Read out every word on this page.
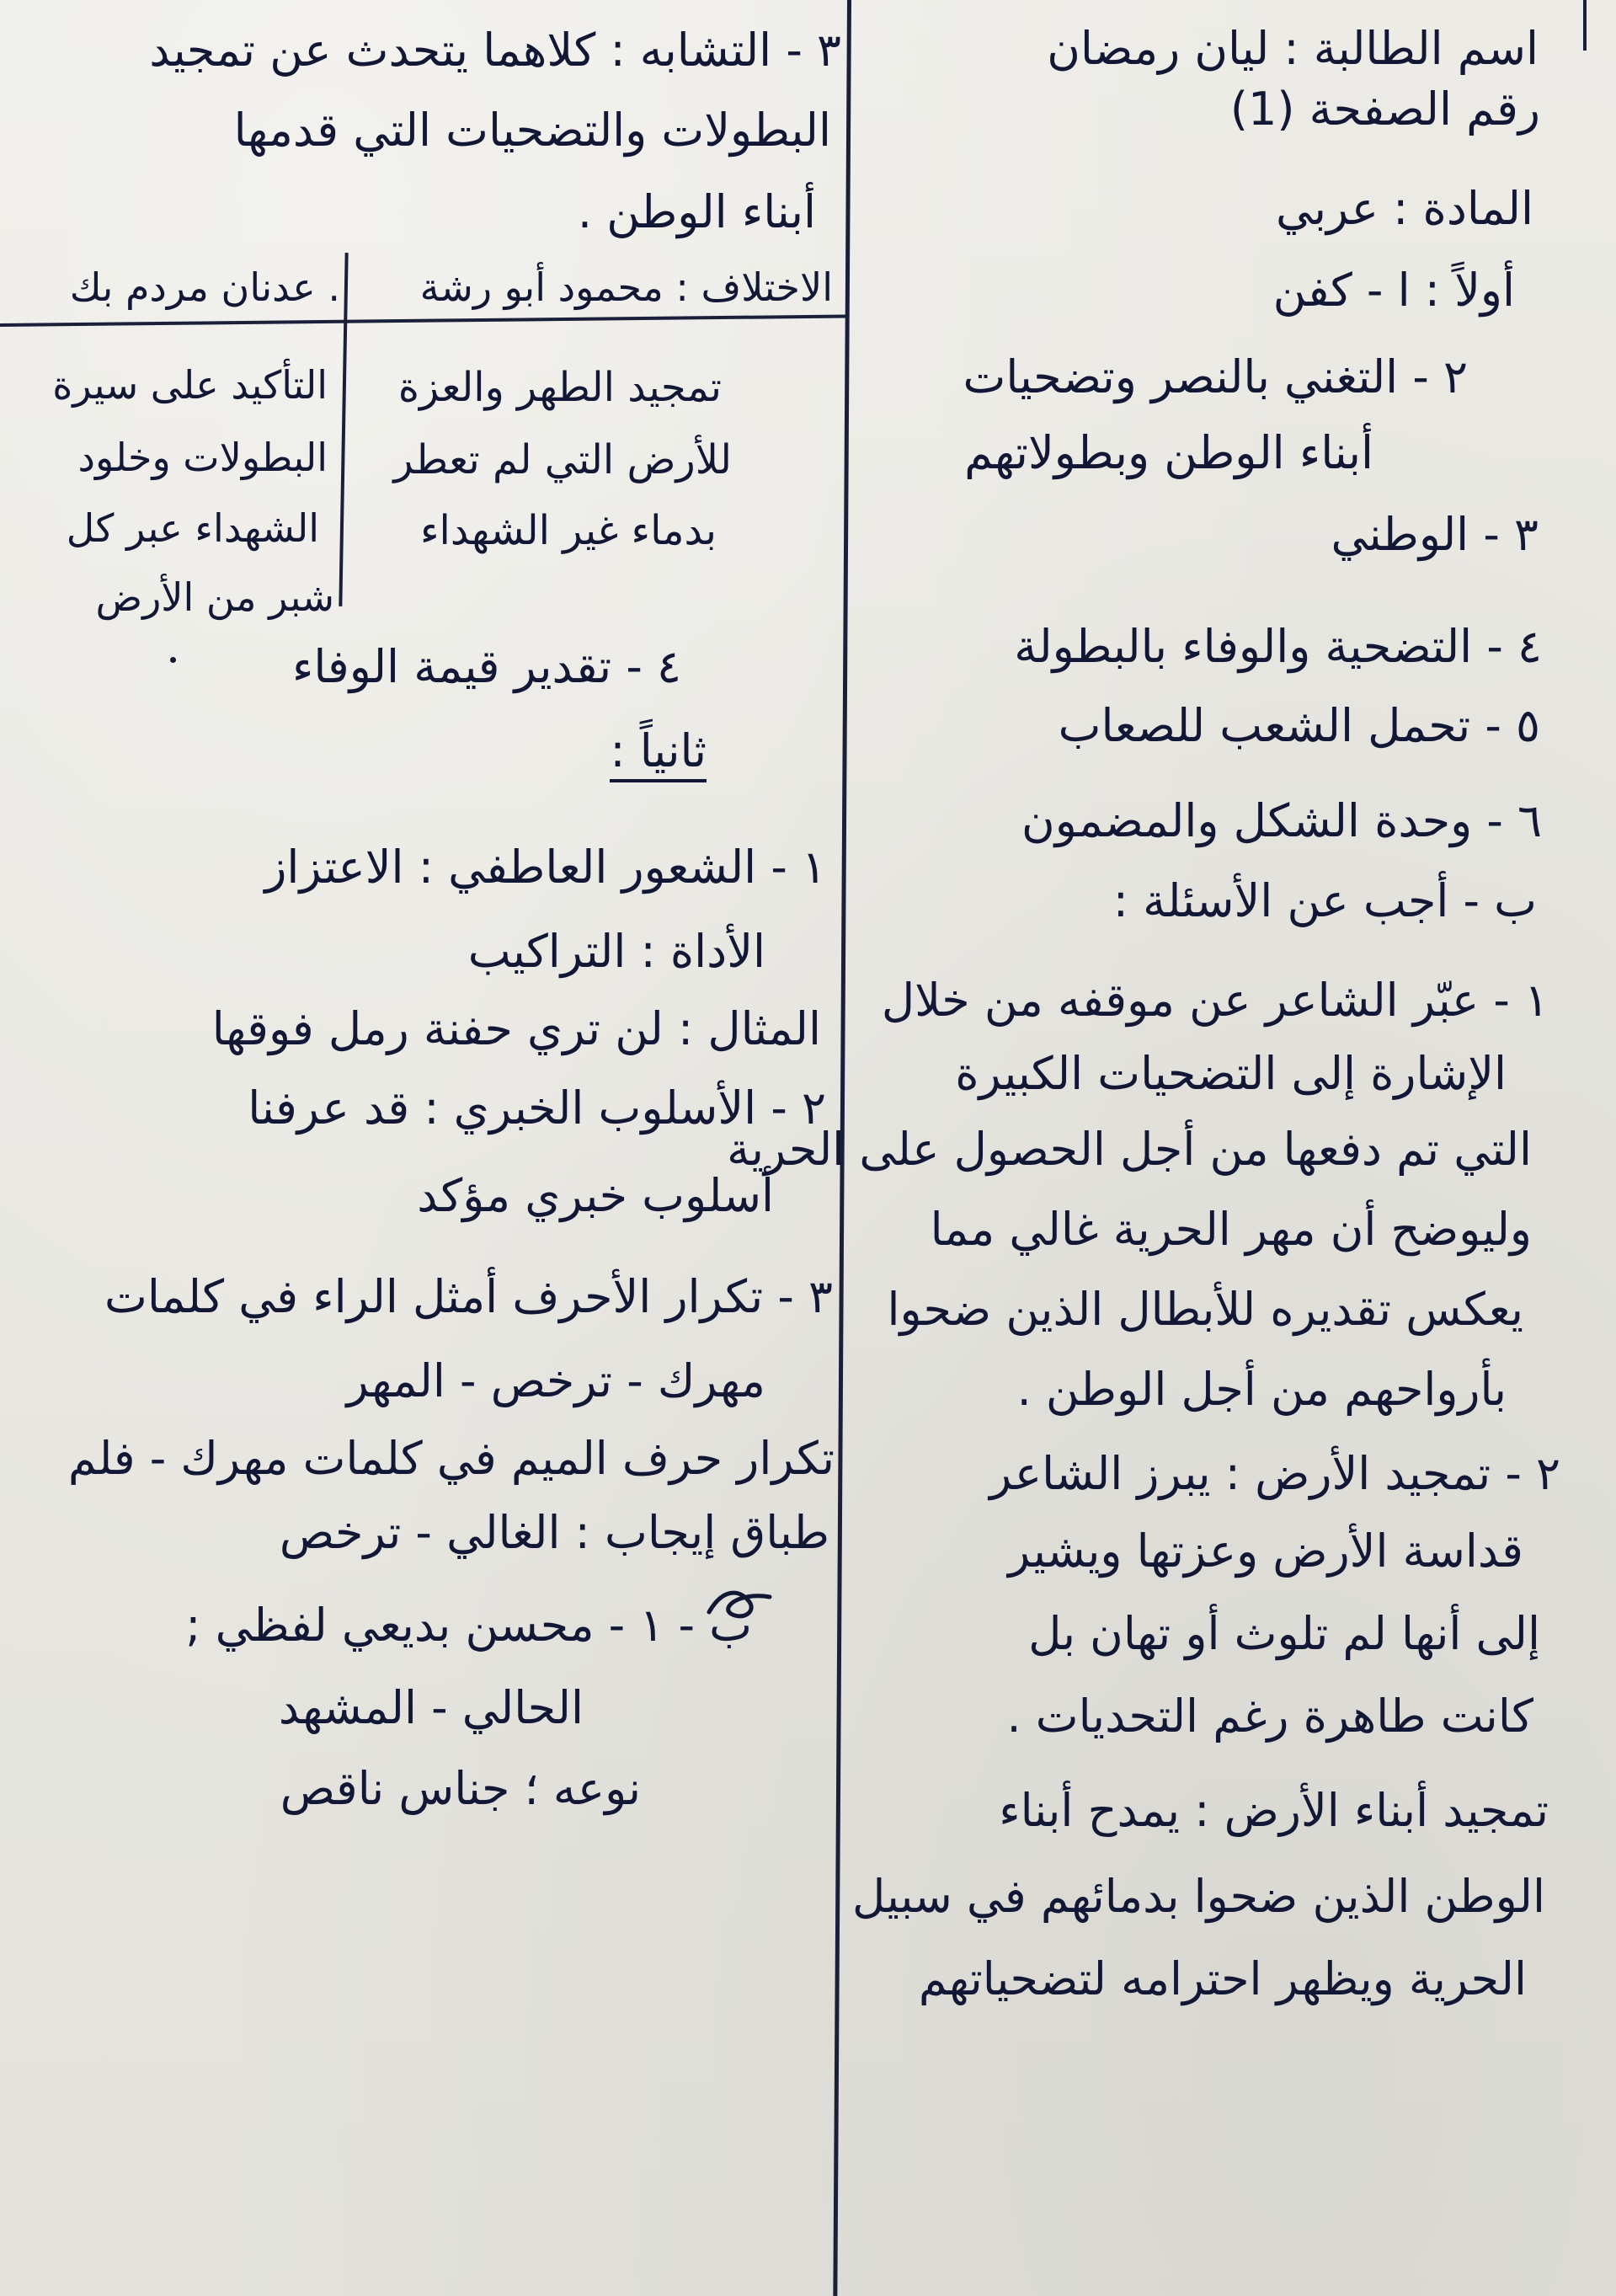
اسم الطالبة : ليان رمضان
رقم الصفحة (1)
المادة : عربي
أولاً : ا - كفن
٢ - التغني بالنصر وتضحيات
أبناء الوطن وبطولاتهم
٣ - الوطني
٤ - التضحية والوفاء بالبطولة
٥ - تحمل الشعب للصعاب
٦ - وحدة الشكل والمضمون
ب - أجب عن الأسئلة :
١ - عبّر الشاعر عن موقفه من خلال
الإشارة إلى التضحيات الكبيرة
التي تم دفعها من أجل الحصول على الحرية
وليوضح أن مهر الحرية غالي مما
يعكس تقديره للأبطال الذين ضحوا
بأرواحهم من أجل الوطن .
٢ - تمجيد الأرض : يبرز الشاعر
قداسة الأرض وعزتها ويشير
إلى أنها لم تلوث أو تهان بل
كانت طاهرة رغم التحديات .
تمجيد أبناء الأرض : يمدح أبناء
الوطن الذين ضحوا بدمائهم في سبيل
الحرية ويظهر احترامه لتضحياتهم
٣ - التشابه : كلاهما يتحدث عن تمجيد
البطولات والتضحيات التي قدمها
أبناء الوطن .
الاختلاف : محمود أبو رشة
. عدنان مردم بك
تمجيد الطهر والعزة
للأرض التي لم تعطر
بدماء غير الشهداء
التأكيد على سيرة
البطولات وخلود
الشهداء عبر كل
شبر من الأرض
٤ - تقدير قيمة الوفاء
ثانياً :
١ - الشعور العاطفي : الاعتزاز
الأداة : التراكيب
المثال : لن تري حفنة رمل فوقها
٢ - الأسلوب الخبري : قد عرفنا
أسلوب خبري مؤكد
٣ - تكرار الأحرف أمثل الراء في كلمات
مهرك - ترخص - المهر
تكرار حرف الميم في كلمات مهرك - فلم
طباق إيجاب : الغالي - ترخص
ب - ١ - محسن بديعي لفظي ;
الحالي - المشهد
نوعه ؛ جناس ناقص
